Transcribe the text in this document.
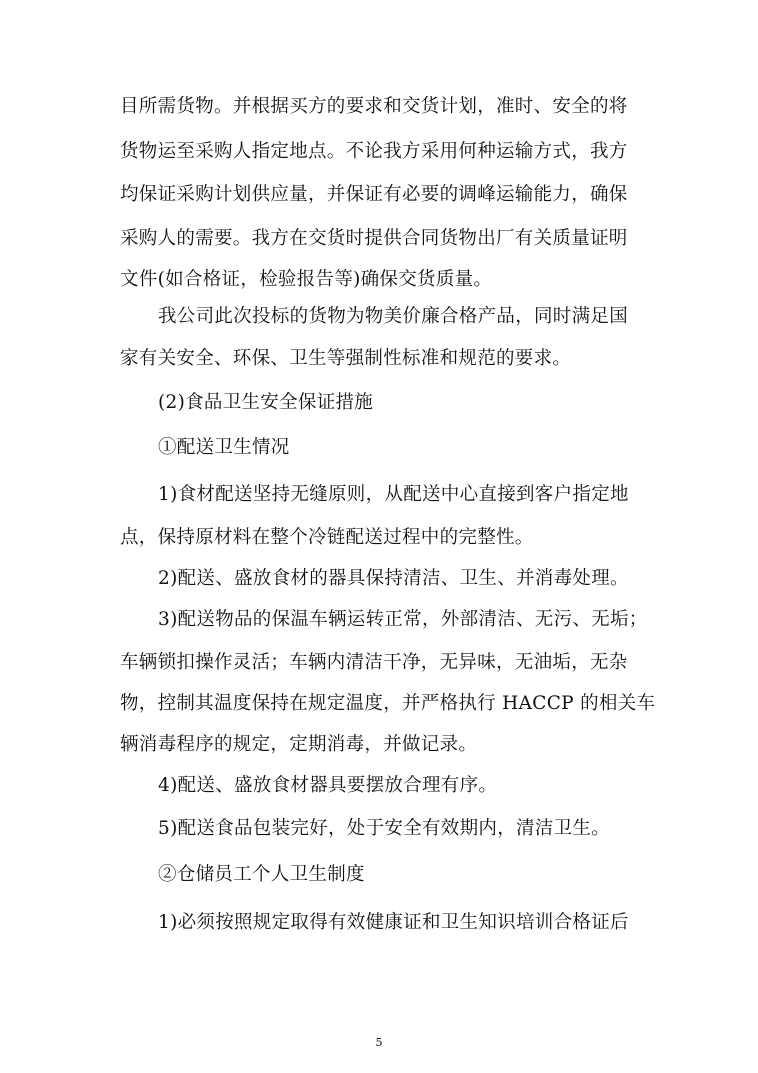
目所需货物。并根据买方的要求和交货计划，准时、安全的将
货物运至采购人指定地点。不论我方采用何种运输方式，我方
均保证采购计划供应量，并保证有必要的调峰运输能力，确保
采购人的需要。我方在交货时提供合同货物出厂有关质量证明
文件(如合格证，检验报告等)确保交货质量。
我公司此次投标的货物为物美价廉合格产品，同时满足国
家有关安全、环保、卫生等强制性标准和规范的要求。
(2)食品卫生安全保证措施
➀配送卫生情况
1)食材配送坚持无缝原则，从配送中心直接到客户指定地
点，保持原材料在整个冷链配送过程中的完整性。
2)配送、盛放食材的器具保持清洁、卫生、并消毒处理。
3)配送物品的保温车辆运转正常，外部清洁、无污、无垢；
车辆锁扣操作灵活；车辆内清洁干净，无异味，无油垢，无杂
物，控制其温度保持在规定温度，并严格执行 HACCP 的相关车
辆消毒程序的规定，定期消毒，并做记录。
4)配送、盛放食材器具要摆放合理有序。
5)配送食品包装完好，处于安全有效期内，清洁卫生。
➁仓储员工个人卫生制度
1)必须按照规定取得有效健康证和卫生知识培训合格证后
5
